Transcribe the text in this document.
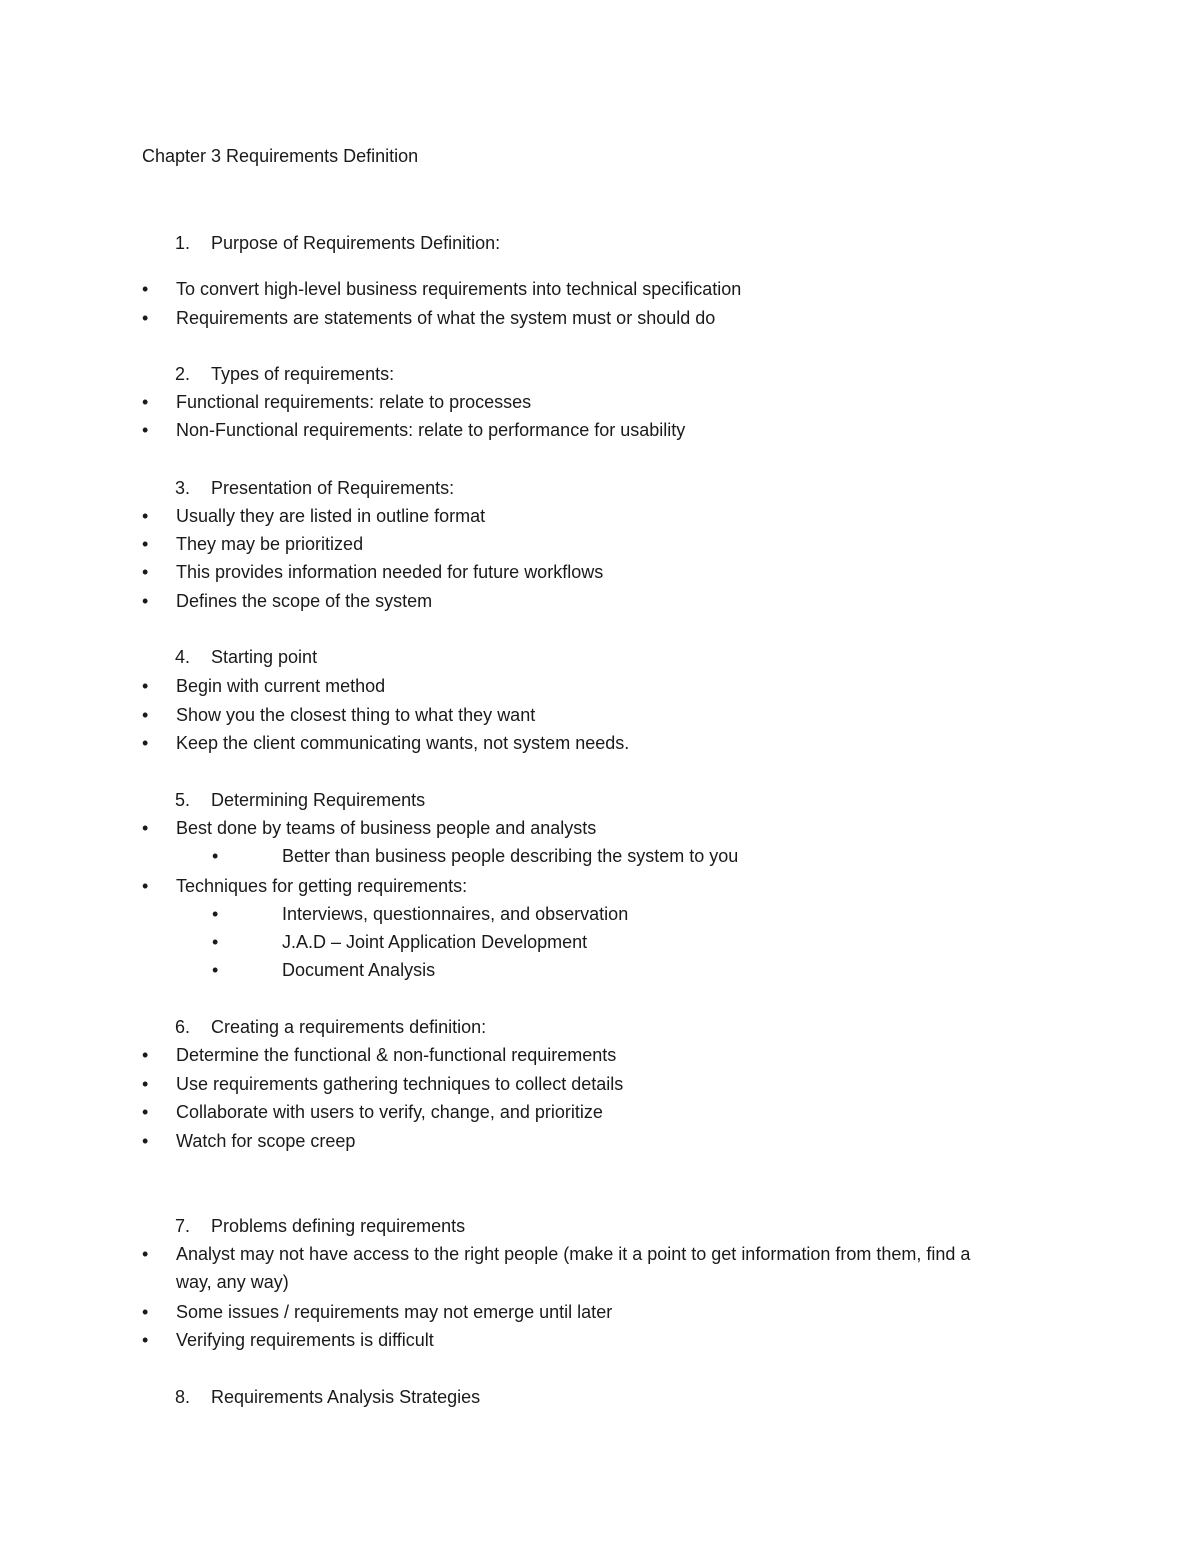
Chapter 3 Requirements Definition
1. Purpose of Requirements Definition:
• To convert high-level business requirements into technical specification
• Requirements are statements of what the system must or should do
2. Types of requirements:
• Functional requirements: relate to processes
• Non-Functional requirements: relate to performance for usability
3. Presentation of Requirements:
• Usually they are listed in outline format
• They may be prioritized
• This provides information needed for future workflows
• Defines the scope of the system
4. Starting point
• Begin with current method
• Show you the closest thing to what they want
• Keep the client communicating wants, not system needs.
5. Determining Requirements
• Best done by teams of business people and analysts
•	Better than business people describing the system to you
• Techniques for getting requirements:
•	Interviews, questionnaires, and observation
•	J.A.D – Joint Application Development
•	Document Analysis
6. Creating a requirements definition:
• Determine the functional & non-functional requirements
• Use requirements gathering techniques to collect details
• Collaborate with users to verify, change, and prioritize
• Watch for scope creep
7. Problems defining requirements
• Analyst may not have access to the right people (make it a point to get information from them, find a
way, any way)
• Some issues / requirements may not emerge until later
• Verifying requirements is difficult
8. Requirements Analysis Strategies
